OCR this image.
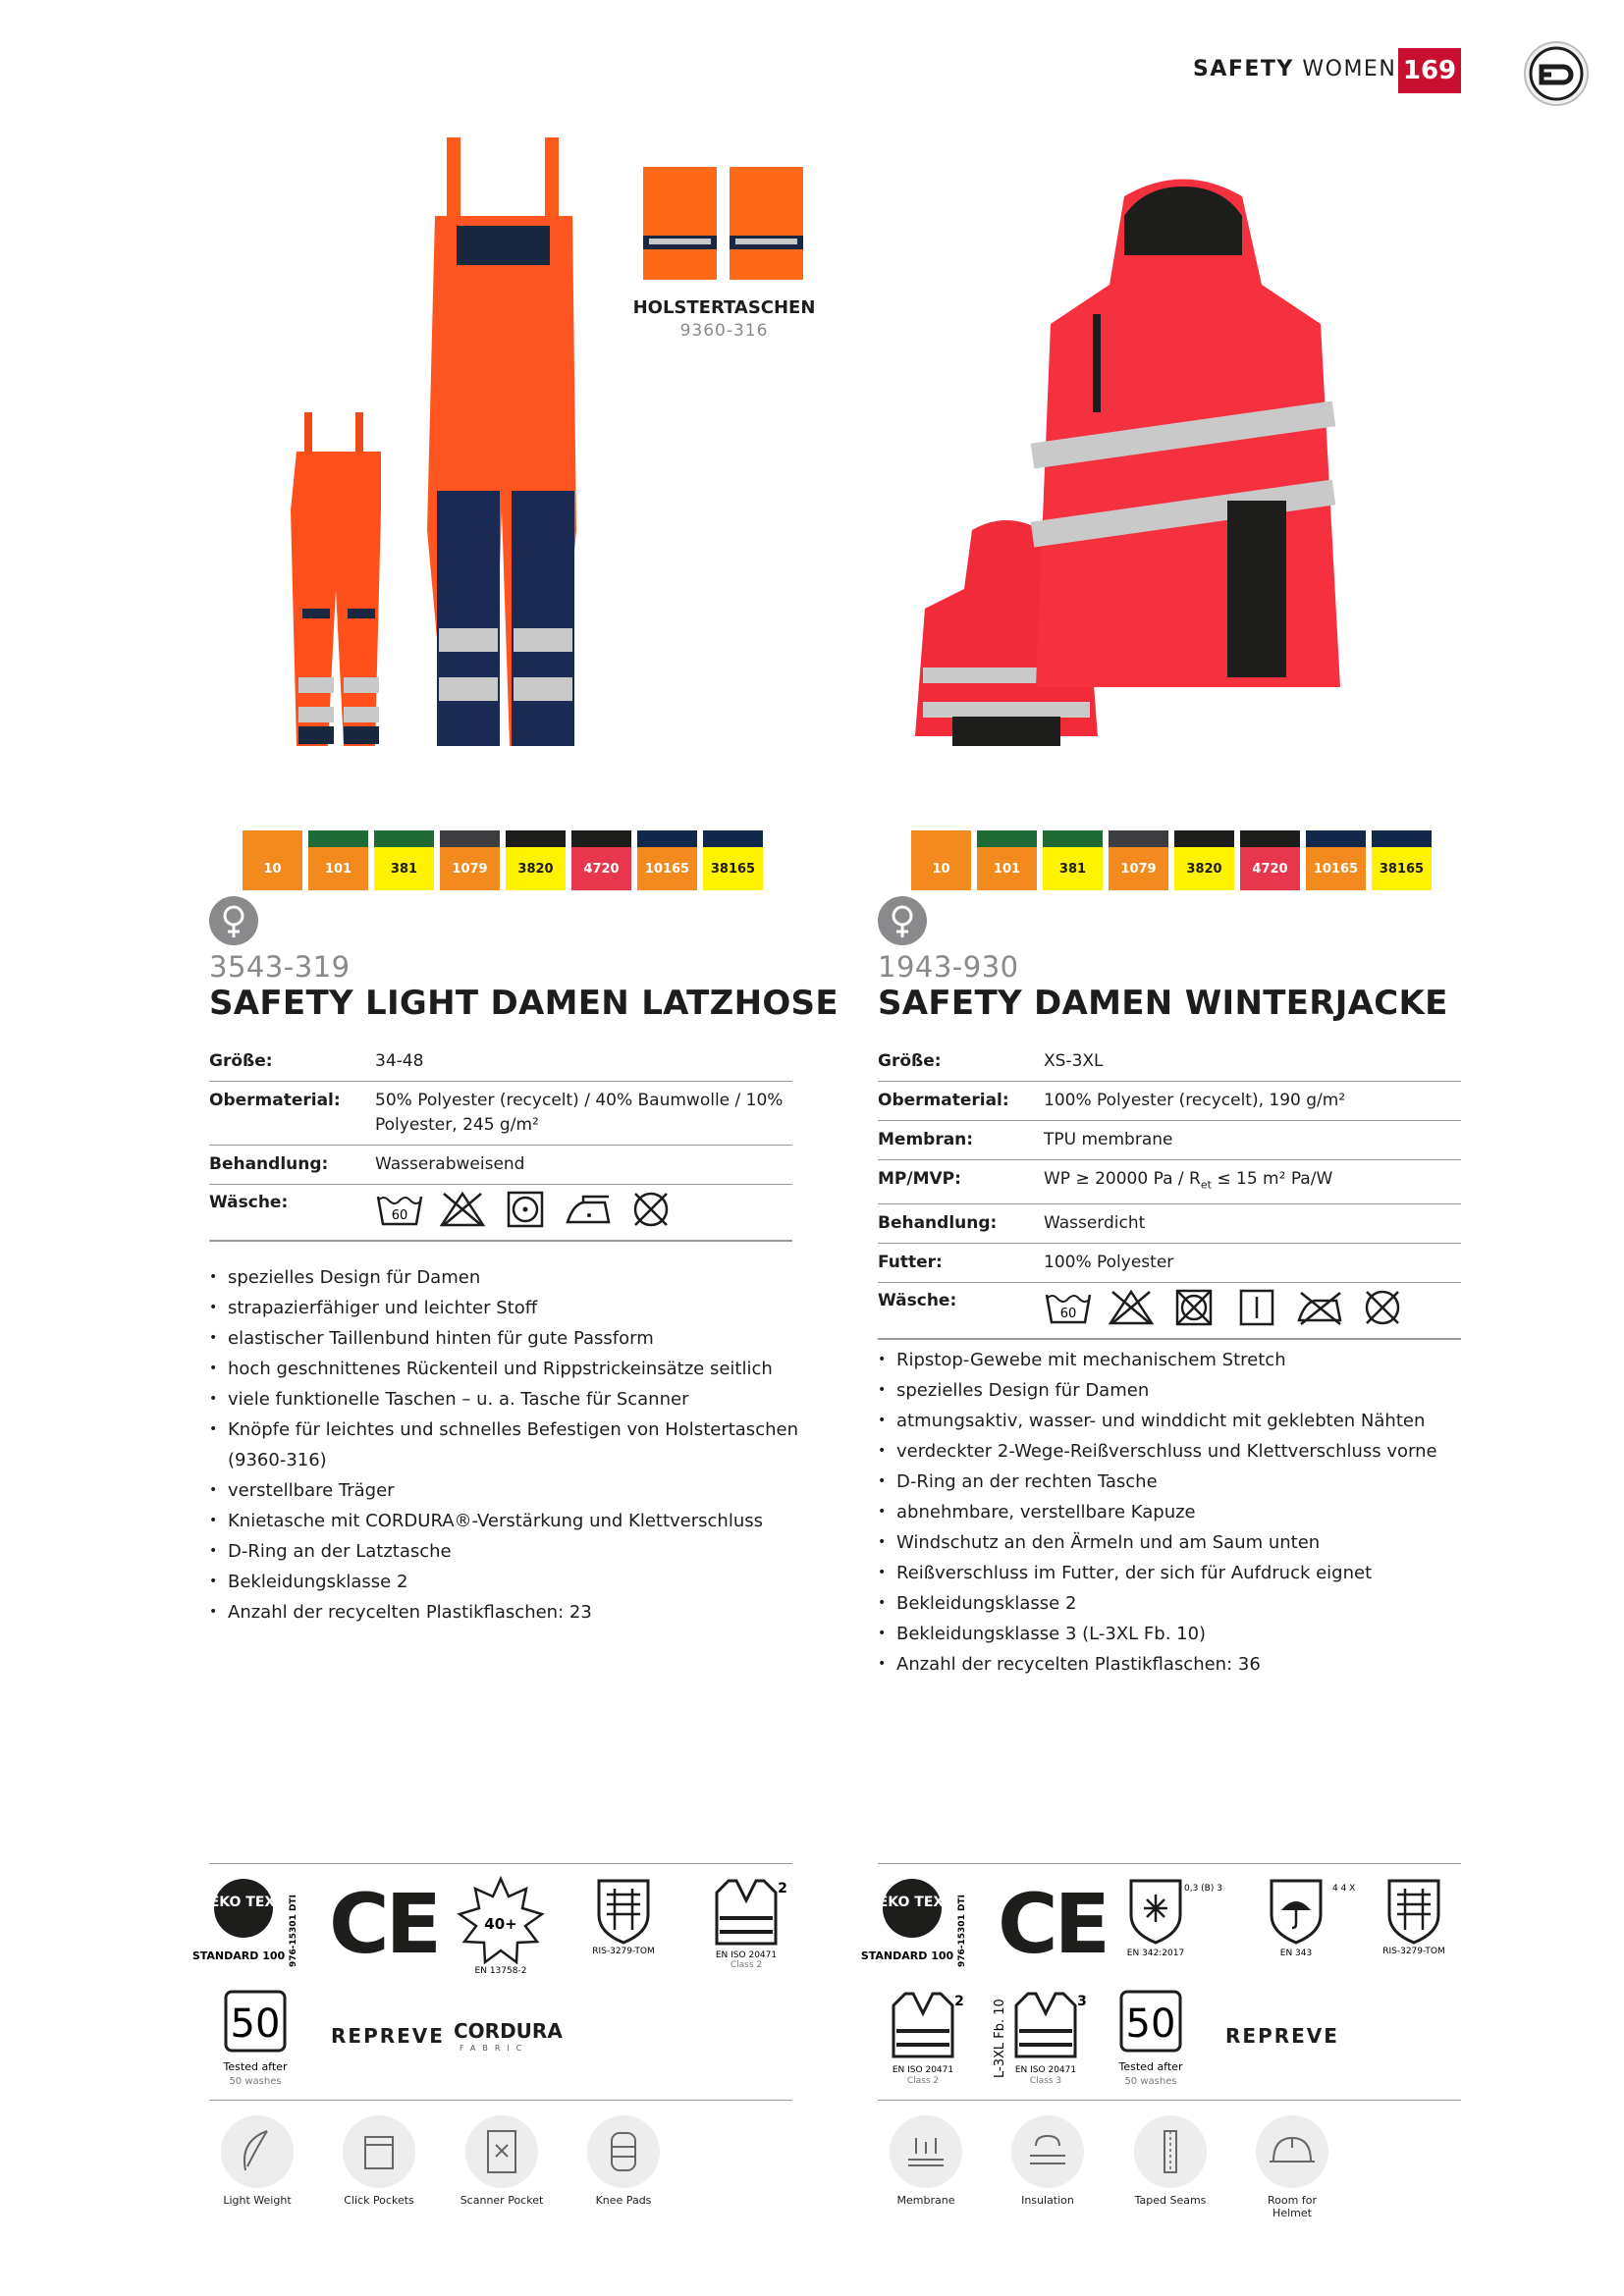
SAFETY WOMEN 169
HOLSTERTASCHEN
9360-316
10	101	381	1079	3820	4720	10165	38165
3543-319
SAFETY LIGHT DAMEN LATZHOSE
Größe:	34-48
Obermaterial:	50% Polyester (recycelt) / 40% Baumwolle / 10% Polyester, 245 g/m²
Behandlung:	Wasserabweisend
Wäsche:	60
• spezielles Design für Damen
• strapazierfähiger und leichter Stoff
• elastischer Taillenbund hinten für gute Passform
• hoch geschnittenes Rückenteil und Rippstrickeinsätze seitlich
• viele funktionelle Taschen – u. a. Tasche für Scanner
• Knöpfe für leichtes und schnelles Befestigen von Holstertaschen (9360-316)
• verstellbare Träger
• Knietasche mit CORDURA®-Verstärkung und Klettverschluss
• D-Ring an der Latztasche
• Bekleidungsklasse 2
• Anzahl der recycelten Plastikflaschen: 23
OEKO TEX®
STANDARD 100 976-15301 DTI CE	40+
EN 13758-2
RIS-3279-TOM
2
EN ISO 20471
Class 2
50
Tested after
50 washes
REPREVE CORDURA
FABRIC
Light Weight	Click Pockets	Scanner Pocket	Knee Pads
10	101	381	1079	3820	4720	10165	38165
1943-930
SAFETY DAMEN WINTERJACKE
Größe:	XS-3XL
Obermaterial:	100% Polyester (recycelt), 190 g/m²
Membran:	TPU membrane
MP/MVP:	WP ≥ 20000 $Pa / R_{et} \le 15$ m² Pa/W
Behandlung:	Wasserdicht
Futter:	100% Polyester
Wäsche:	60
• Ripstop-Gewebe mit mechanischem Stretch
• spezielles Design für Damen
• atmungsaktiv, wasser- und winddicht mit geklebten Nähten
• verdeckter 2-Wege-Reißverschluss und Klettverschluss vorne
• D-Ring an der rechten Tasche
• abnehmbare, verstellbare Kapuze
• Windschutz an den Ärmeln und am Saum unten
• Reißverschluss im Futter, der sich für Aufdruck eignet
• Bekleidungsklasse 2
• Bekleidungsklasse 3 (L-3XL Fb. 10)
• Anzahl der recycelten Plastikflaschen: 36
OEKO TEX®
STANDARD 100 976-15301 DTI CE	0,3 (B) 3
EN 342:2017
4 4 X
EN 343	RIS-3279-TOM
2
EN ISO 20471
Class 2
L-3XL Fb. 10	3
EN ISO 20471
Class 3
50
Tested after
50 washes
REPREVE
Membrane	Insulation	Taped Seams	Room for Helmet
